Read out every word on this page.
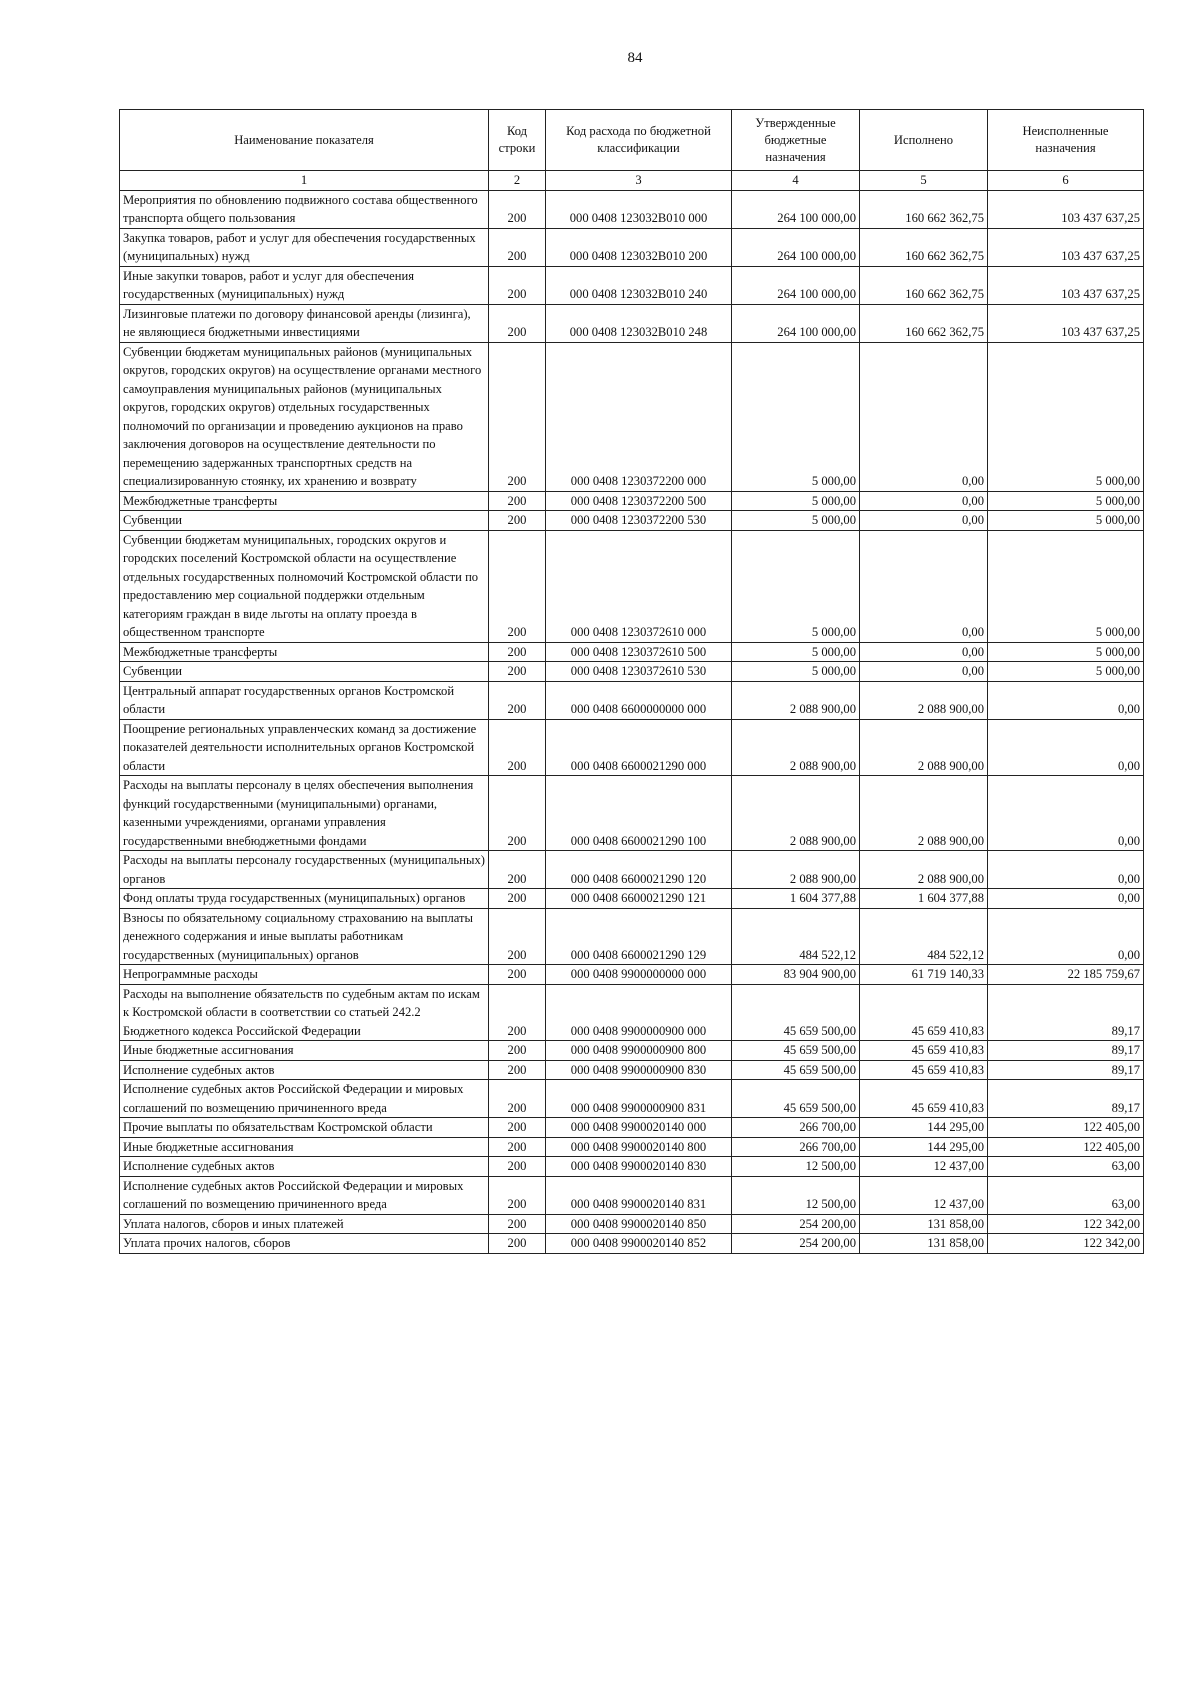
84
Наименование показателя	Код строки	Код расхода по бюджетной классификации	Утвержденные бюджетные назначения	Исполнено	Неисполненные назначения
1	2	3	4	5	6
Мероприятия по обновлению подвижного состава общественного транспорта общего пользования	200	000 0408 123032В010 000	264 100 000,00	160 662 362,75	103 437 637,25
Закупка товаров, работ и услуг для обеспечения государственных (муниципальных) нужд	200	000 0408 123032В010 200	264 100 000,00	160 662 362,75	103 437 637,25
Иные закупки товаров, работ и услуг для обеспечения государственных (муниципальных) нужд	200	000 0408 123032В010 240	264 100 000,00	160 662 362,75	103 437 637,25
Лизинговые платежи по договору финансовой аренды (лизинга), не являющиеся бюджетными инвестициями	200	000 0408 123032В010 248	264 100 000,00	160 662 362,75	103 437 637,25
Субвенции бюджетам муниципальных районов (муниципальных округов, городских округов) на осуществление органами местного самоуправления муниципальных районов (муниципальных округов, городских округов) отдельных государственных полномочий по организации и проведению аукционов на право заключения договоров на осуществление деятельности по перемещению задержанных транспортных средств на специализированную стоянку, их хранению и возврату	200	000 0408 1230372200 000	5 000,00	0,00	5 000,00
Межбюджетные трансферты	200	000 0408 1230372200 500	5 000,00	0,00	5 000,00
Субвенции	200	000 0408 1230372200 530	5 000,00	0,00	5 000,00
Субвенции бюджетам муниципальных, городских округов и городских поселений Костромской области на осуществление отдельных государственных полномочий Костромской области по предоставлению мер социальной поддержки отдельным категориям граждан в виде льготы на оплату проезда в общественном транспорте	200	000 0408 1230372610 000	5 000,00	0,00	5 000,00
Межбюджетные трансферты	200	000 0408 1230372610 500	5 000,00	0,00	5 000,00
Субвенции	200	000 0408 1230372610 530	5 000,00	0,00	5 000,00
Центральный аппарат государственных органов Костромской области	200	000 0408 6600000000 000	2 088 900,00	2 088 900,00	0,00
Поощрение региональных управленческих команд за достижение показателей деятельности исполнительных органов Костромской области	200	000 0408 6600021290 000	2 088 900,00	2 088 900,00	0,00
Расходы на выплаты персоналу в целях обеспечения выполнения функций государственными (муниципальными) органами, казенными учреждениями, органами управления государственными внебюджетными фондами	200	000 0408 6600021290 100	2 088 900,00	2 088 900,00	0,00
Расходы на выплаты персоналу государственных (муниципальных) органов	200	000 0408 6600021290 120	2 088 900,00	2 088 900,00	0,00
Фонд оплаты труда государственных (муниципальных) органов	200	000 0408 6600021290 121	1 604 377,88	1 604 377,88	0,00
Взносы по обязательному социальному страхованию на выплаты денежного содержания и иные выплаты работникам государственных (муниципальных) органов	200	000 0408 6600021290 129	484 522,12	484 522,12	0,00
Непрограммные расходы	200	000 0408 9900000000 000	83 904 900,00	61 719 140,33	22 185 759,67
Расходы на выполнение обязательств по судебным актам по искам к Костромской области в соответствии со статьей 242.2 Бюджетного кодекса Российской Федерации	200	000 0408 9900000900 000	45 659 500,00	45 659 410,83	89,17
Иные бюджетные ассигнования	200	000 0408 9900000900 800	45 659 500,00	45 659 410,83	89,17
Исполнение судебных актов	200	000 0408 9900000900 830	45 659 500,00	45 659 410,83	89,17
Исполнение судебных актов Российской Федерации и мировых соглашений по возмещению причиненного вреда	200	000 0408 9900000900 831	45 659 500,00	45 659 410,83	89,17
Прочие выплаты по обязательствам Костромской области	200	000 0408 9900020140 000	266 700,00	144 295,00	122 405,00
Иные бюджетные ассигнования	200	000 0408 9900020140 800	266 700,00	144 295,00	122 405,00
Исполнение судебных актов	200	000 0408 9900020140 830	12 500,00	12 437,00	63,00
Исполнение судебных актов Российской Федерации и мировых соглашений по возмещению причиненного вреда	200	000 0408 9900020140 831	12 500,00	12 437,00	63,00
Уплата налогов, сборов и иных платежей	200	000 0408 9900020140 850	254 200,00	131 858,00	122 342,00
Уплата прочих налогов, сборов	200	000 0408 9900020140 852	254 200,00	131 858,00	122 342,00
